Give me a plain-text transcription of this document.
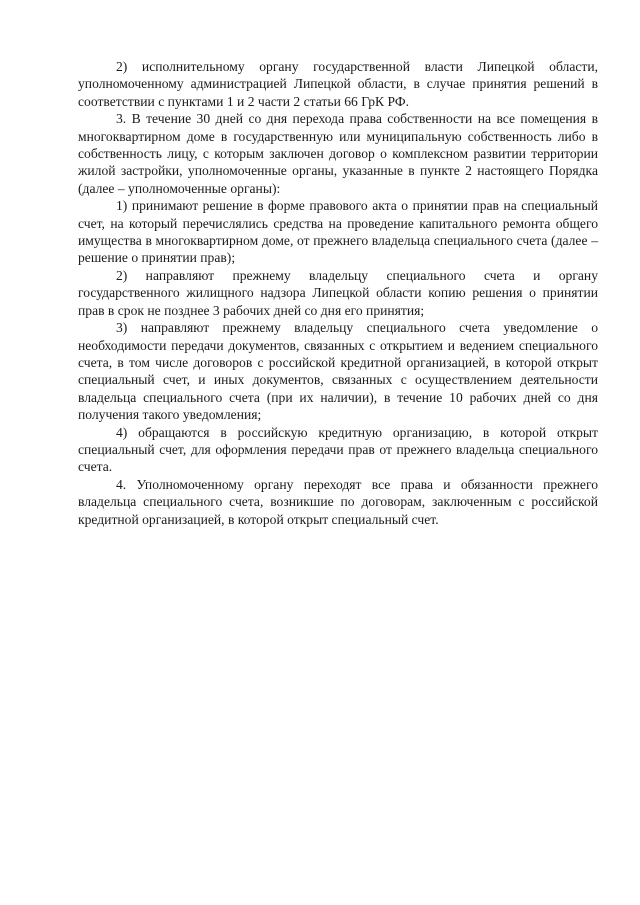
2) исполнительному органу государственной власти Липецкой области, уполномоченному администрацией Липецкой области, в случае принятия решений в соответствии с пунктами 1 и 2 части 2 статьи 66 ГрК РФ.

3. В течение 30 дней со дня перехода права собственности на все помещения в многоквартирном доме в государственную или муниципальную собственность либо в собственность лицу, с которым заключен договор о комплексном развитии территории жилой застройки, уполномоченные органы, указанные в пункте 2 настоящего Порядка (далее – уполномоченные органы):

1) принимают решение в форме правового акта о принятии прав на специальный счет, на который перечислялись средства на проведение капитального ремонта общего имущества в многоквартирном доме, от прежнего владельца специального счета (далее – решение о принятии прав);

2) направляют прежнему владельцу специального счета и органу государственного жилищного надзора Липецкой области копию решения о принятии прав в срок не позднее 3 рабочих дней со дня его принятия;

3) направляют прежнему владельцу специального счета уведомление о необходимости передачи документов, связанных с открытием и ведением специального счета, в том числе договоров с российской кредитной организацией, в которой открыт специальный счет, и иных документов, связанных с осуществлением деятельности владельца специального счета (при их наличии), в течение 10 рабочих дней со дня получения такого уведомления;

4) обращаются в российскую кредитную организацию, в которой открыт специальный счет, для оформления передачи прав от прежнего владельца специального счета.

4. Уполномоченному органу переходят все права и обязанности прежнего владельца специального счета, возникшие по договорам, заключенным с российской кредитной организацией, в которой открыт специальный счет.
